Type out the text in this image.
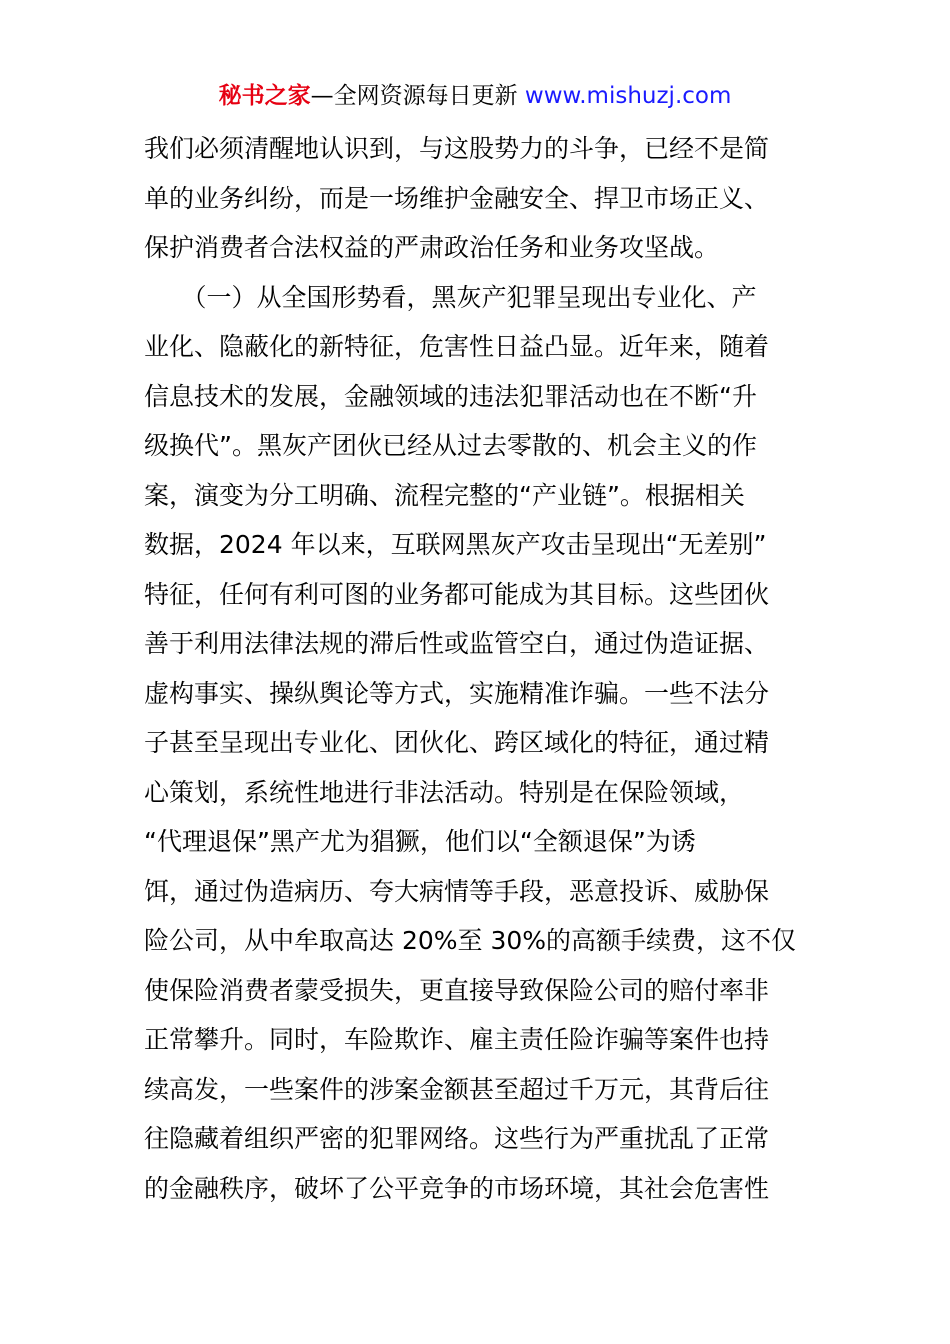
秘书之家—全网资源每日更新 www.mishuzj.com
我们必须清醒地认识到，与这股势力的斗争，已经不是简
单的业务纠纷，而是一场维护金融安全、捍卫市场正义、
保护消费者合法权益的严肃政治任务和业务攻坚战。
　　（一）从全国形势看，黑灰产犯罪呈现出专业化、产
业化、隐蔽化的新特征，危害性日益凸显。近年来，随着
信息技术的发展，金融领域的违法犯罪活动也在不断“升
级换代”。黑灰产团伙已经从过去零散的、机会主义的作
案，演变为分工明确、流程完整的“产业链”。根据相关
数据，2024 年以来，互联网黑灰产攻击呈现出“无差别”
特征，任何有利可图的业务都可能成为其目标。这些团伙
善于利用法律法规的滞后性或监管空白，通过伪造证据、
虚构事实、操纵舆论等方式，实施精准诈骗。一些不法分
子甚至呈现出专业化、团伙化、跨区域化的特征，通过精
心策划，系统性地进行非法活动。特别是在保险领域，
“代理退保”黑产尤为猖獗，他们以“全额退保”为诱
饵，通过伪造病历、夸大病情等手段，恶意投诉、威胁保
险公司，从中牟取高达 20%至 30%的高额手续费，这不仅
使保险消费者蒙受损失，更直接导致保险公司的赔付率非
正常攀升。同时，车险欺诈、雇主责任险诈骗等案件也持
续高发，一些案件的涉案金额甚至超过千万元，其背后往
往隐藏着组织严密的犯罪网络。这些行为严重扰乱了正常
的金融秩序，破坏了公平竞争的市场环境，其社会危害性
